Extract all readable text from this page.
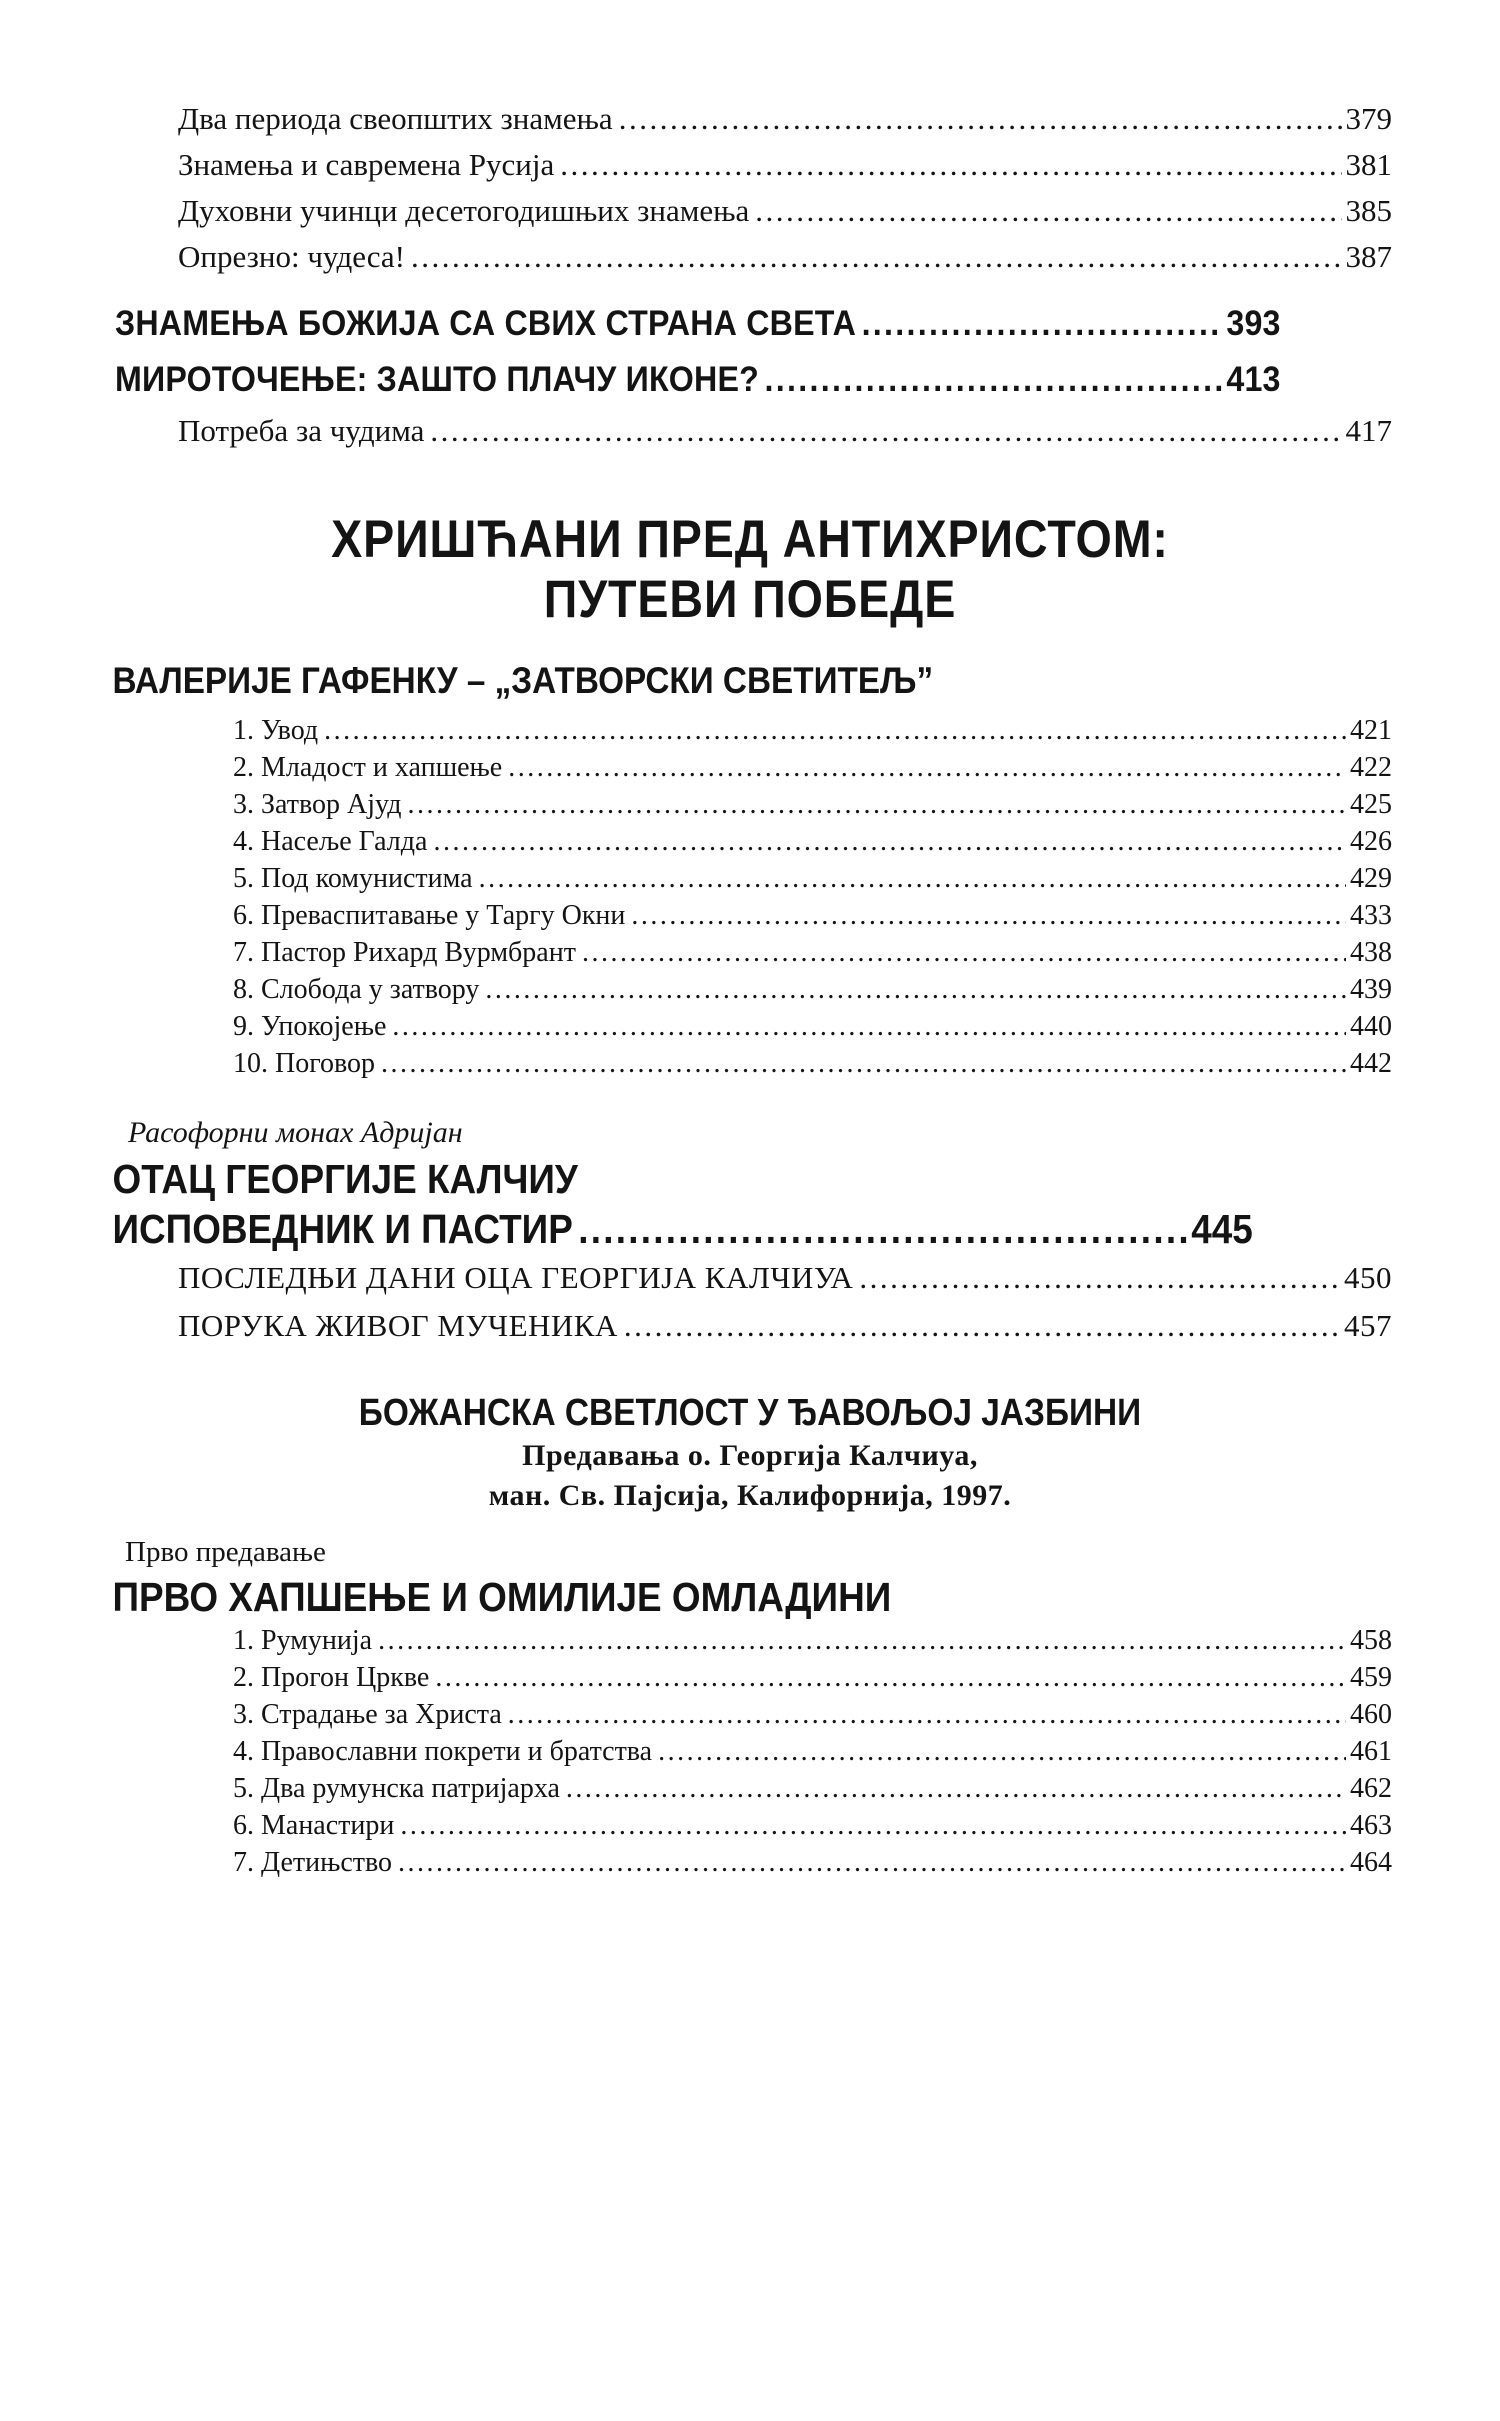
Два периода свеопштих знамења .....	379
Знамења и савремена Русија .....	381
Духовни учинци десетогодишњих знамења .....	385
Опрезно: чудеса! .....	387
ЗНАМЕЊА БОЖИЈА СА СВИХ СТРАНА СВЕТА .....	393
МИРОТОЧЕЊЕ: ЗАШТО ПЛАЧУ ИКОНЕ? .....	413
Потреба за чудима .....	417
ХРИШЋАНИ ПРЕД АНТИХРИСТОМ:
ПУТЕВИ ПОБЕДЕ
ВАЛЕРИЈЕ ГАФЕНКУ – „ЗАТВОРСКИ СВЕТИТЕЉ”
1. Увод .....	421
2. Младост и хапшење .....	422
3. Затвор Ајуд .....	425
4. Насеље Галда .....	426
5. Под комунистима .....	429
6. Преваспитавање у Таргу Окни .....	433
7. Пастор Рихард Вурмбрант .....	438
8. Слобода у затвору .....	439
9. Упокојење .....	440
10. Поговор .....	442
Расофорни монах Адријан
ОТАЦ ГЕОРГИЈЕ КАЛЧИУ
ИСПОВЕДНИК И ПАСТИР .....	445
ПОСЛЕДЊИ ДАНИ ОЦА ГЕОРГИЈА КАЛЧИУА .....	450
ПОРУКА ЖИВОГ МУЧЕНИКА .....	457
БОЖАНСКА СВЕТЛОСТ У ЂАВОЉОЈ ЈАЗБИНИ
Предавања о. Георгија Калчиуа,
ман. Св. Пајсија, Калифорнија, 1997.
Прво предавање
ПРВО ХАПШЕЊЕ И ОМИЛИЈЕ ОМЛАДИНИ
1. Румунија .....	458
2. Прогон Цркве .....	459
3. Страдање за Христа .....	460
4. Православни покрети и братства .....	461
5. Два румунска патријарха .....	462
6. Манастири .....	463
7. Детињство .....	464
